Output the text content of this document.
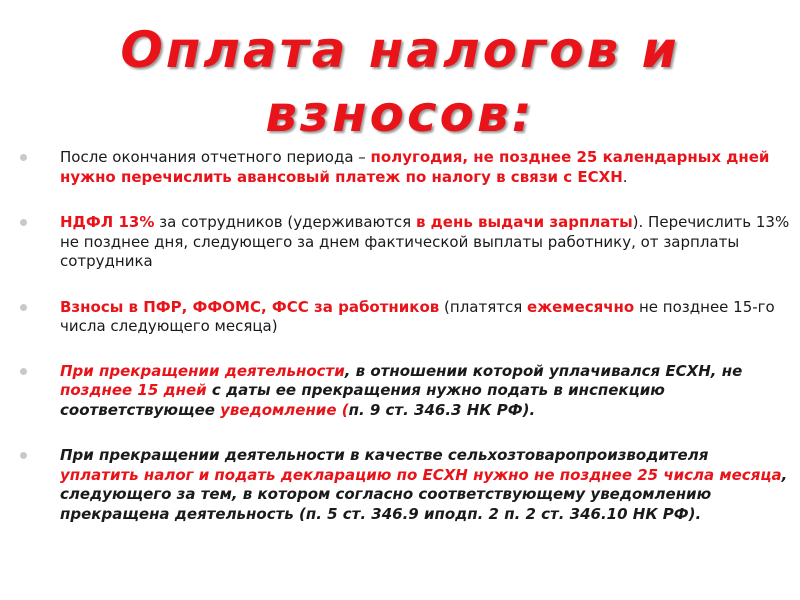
Оплата налогов и
взносов:
После окончания отчетного периода – полугодия, не позднее 25 календарных дней нужно перечислить авансовый платеж по налогу в связи с ЕСХН.
НДФЛ 13% за сотрудников (удерживаются в день выдачи зарплаты). Перечислить 13% не позднее дня, следующего за днем фактической выплаты работнику, от зарплаты сотрудника
Взносы в ПФР, ФФОМС, ФСС за работников (платятся ежемесячно не позднее 15-го числа следующего месяца)
При прекращении деятельности, в отношении которой уплачивался ЕСХН, не позднее 15 дней с даты ее прекращения нужно подать в инспекцию соответствующее уведомление (п. 9 ст. 346.3 НК РФ).
При прекращении деятельности в качестве сельхозтоваропроизводителя уплатить налог и подать декларацию по ЕСХН нужно не позднее 25 числа месяца, следующего за тем, в котором согласно соответствующему уведомлению прекращена деятельность (п. 5 ст. 346.9 иподп. 2 п. 2 ст. 346.10 НК РФ).
